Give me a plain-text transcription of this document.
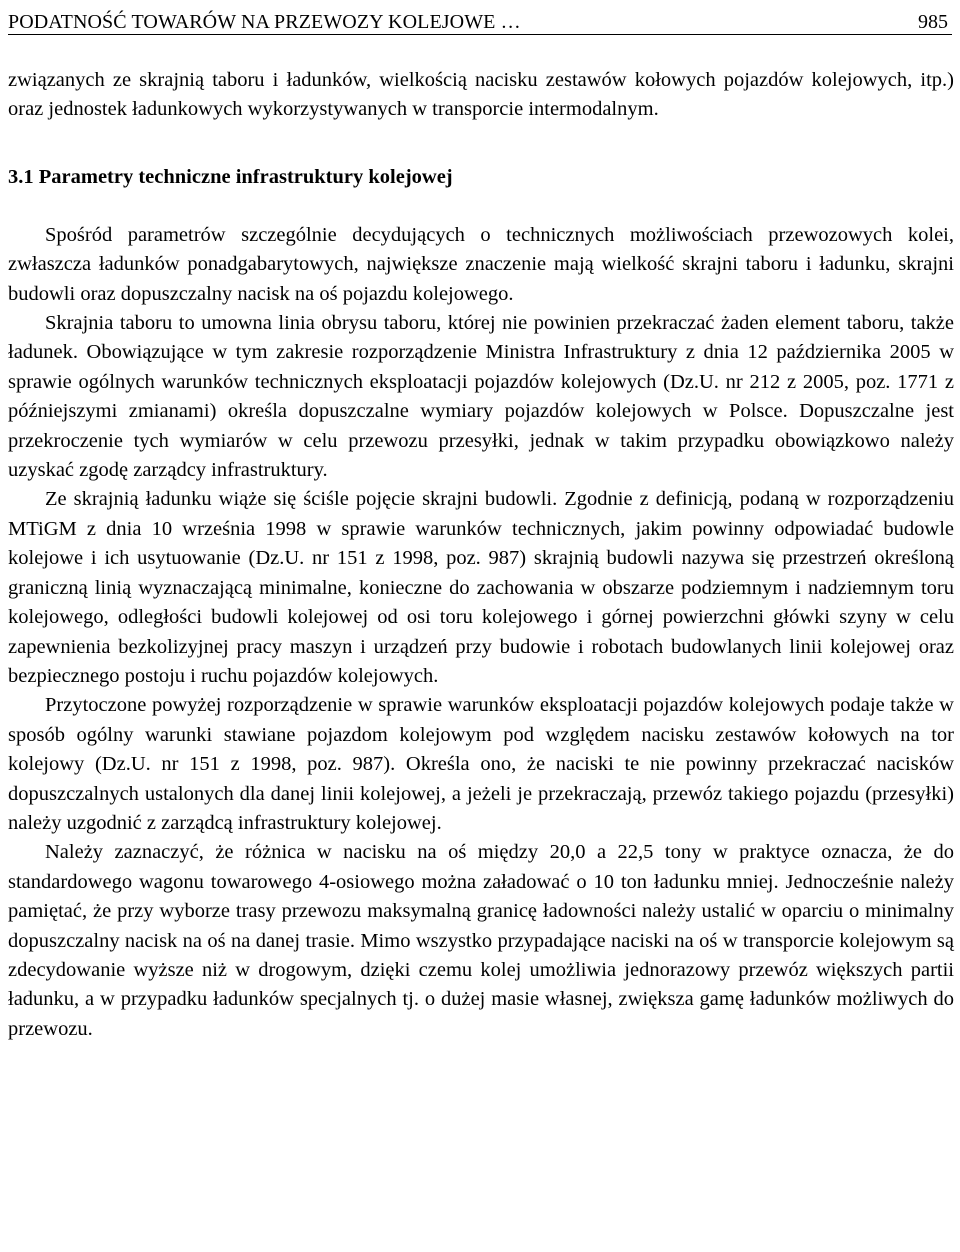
PODATNOŚĆ TOWARÓW NA PRZEWOZY KOLEJOWE …	985

związanych ze skrajnią taboru i ładunków, wielkością nacisku zestawów kołowych pojazdów kolejowych, itp.) oraz jednostek ładunkowych wykorzystywanych w transporcie intermodalnym.

3.1 Parametry techniczne infrastruktury kolejowej

Spośród parametrów szczególnie decydujących o technicznych możliwościach przewozowych kolei, zwłaszcza ładunków ponadgabarytowych, największe znaczenie mają wielkość skrajni taboru i ładunku, skrajni budowli oraz dopuszczalny nacisk na oś pojazdu kolejowego.

Skrajnia taboru to umowna linia obrysu taboru, której nie powinien przekraczać żaden element taboru, także ładunek. Obowiązujące w tym zakresie rozporządzenie Ministra Infrastruktury z dnia 12 października 2005 w sprawie ogólnych warunków technicznych eksploatacji pojazdów kolejowych (Dz.U. nr 212 z 2005, poz. 1771 z późniejszymi zmianami) określa dopuszczalne wymiary pojazdów kolejowych w Polsce. Dopuszczalne jest przekroczenie tych wymiarów w celu przewozu przesyłki, jednak w takim przypadku obowiązkowo należy uzyskać zgodę zarządcy infrastruktury.

Ze skrajnią ładunku wiąże się ściśle pojęcie skrajni budowli. Zgodnie z definicją, podaną w rozporządzeniu MTiGM z dnia 10 września 1998 w sprawie warunków technicznych, jakim powinny odpowiadać budowle kolejowe i ich usytuowanie (Dz.U. nr 151 z 1998, poz. 987) skrajnią budowli nazywa się przestrzeń określoną graniczną linią wyznaczającą minimalne, konieczne do zachowania w obszarze podziemnym i nadziemnym toru kolejowego, odległości budowli kolejowej od osi toru kolejowego i górnej powierzchni główki szyny w celu zapewnienia bezkolizyjnej pracy maszyn i urządzeń przy budowie i robotach budowlanych linii kolejowej oraz bezpiecznego postoju i ruchu pojazdów kolejowych.

Przytoczone powyżej rozporządzenie w sprawie warunków eksploatacji pojazdów kolejowych podaje także w sposób ogólny warunki stawiane pojazdom kolejowym pod względem nacisku zestawów kołowych na tor kolejowy (Dz.U. nr 151 z 1998, poz. 987). Określa ono, że naciski te nie powinny przekraczać nacisków dopuszczalnych ustalonych dla danej linii kolejowej, a jeżeli je przekraczają, przewóz takiego pojazdu (przesyłki) należy uzgodnić z zarządcą infrastruktury kolejowej.

Należy zaznaczyć, że różnica w nacisku na oś między 20,0 a 22,5 tony w praktyce oznacza, że do standardowego wagonu towarowego 4-osiowego można załadować o 10 ton ładunku mniej. Jednocześnie należy pamiętać, że przy wyborze trasy przewozu maksymalną granicę ładowności należy ustalić w oparciu o minimalny dopuszczalny nacisk na oś na danej trasie. Mimo wszystko przypadające naciski na oś w transporcie kolejowym są zdecydowanie wyższe niż w drogowym, dzięki czemu kolej umożliwia jednorazowy przewóz większych partii ładunku, a w przypadku ładunków specjalnych tj. o dużej masie własnej, zwiększa gamę ładunków możliwych do przewozu.
